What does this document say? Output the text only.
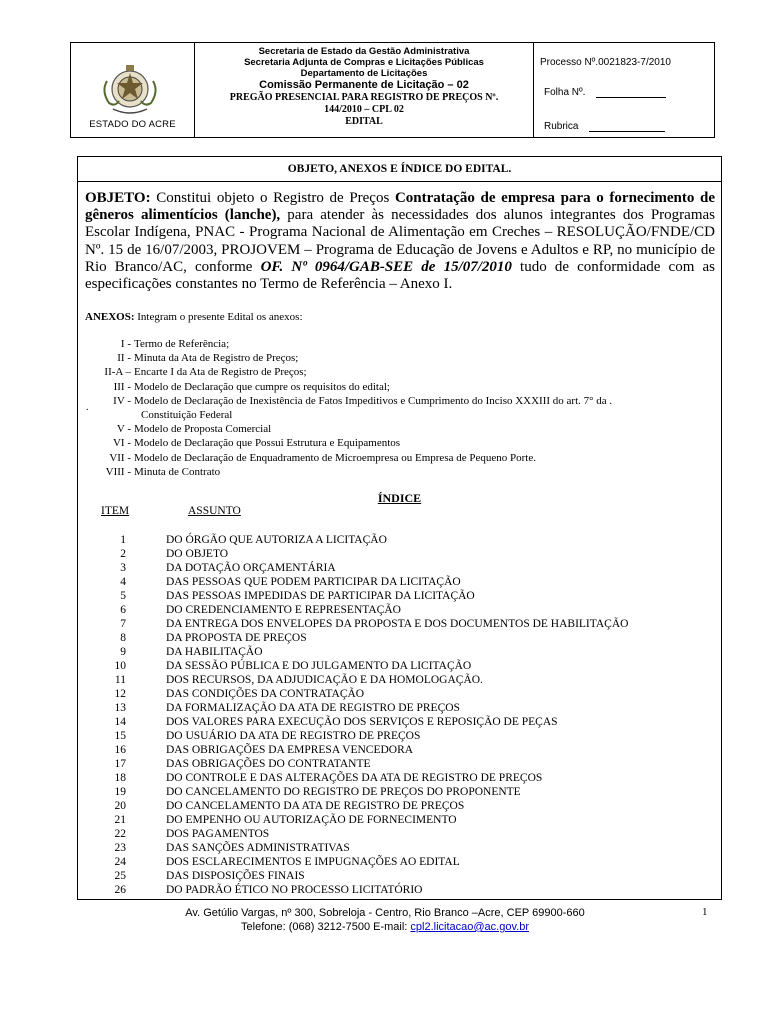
ESTADO DO ACRE
Secretaria de Estado da Gestão Administrativa
Secretaria Adjunta de Compras e Licitações Públicas
Departamento de Licitações
Comissão Permanente de Licitação – 02
PREGÃO PRESENCIAL PARA REGISTRO DE PREÇOS Nº.
144/2010 – CPL 02
EDITAL
Processo Nº.0021823-7/2010
Folha Nº.
Rubrica
OBJETO, ANEXOS E ÍNDICE DO EDITAL.

OBJETO: Constitui objeto o Registro de Preços Contratação de empresa para o fornecimento de gêneros alimentícios (lanche), para atender às necessidades dos alunos integrantes dos Programas Escolar Indígena, PNAC - Programa Nacional de Alimentação em Creches – RESOLUÇÃO/FNDE/CD Nº. 15 de 16/07/2003, PROJOVEM – Programa de Educação de Jovens e Adultos e RP, no município de Rio Branco/AC, conforme OF. Nº 0964/GAB-SEE de 15/07/2010 tudo de conformidade com as especificações constantes no Termo de Referência – Anexo I.

ANEXOS: Integram o presente Edital os anexos:
I - Termo de Referência;
II - Minuta da Ata de Registro de Preços;
II-A – Encarte I da Ata de Registro de Preços;
III - Modelo de Declaração que cumpre os requisitos do edital;
IV - Modelo de Declaração de Inexistência de Fatos Impeditivos e Cumprimento do Inciso XXXIII do art. 7° da .
Constituição Federal
V - Modelo de Proposta Comercial
VI - Modelo de Declaração que Possui Estrutura e Equipamentos
VII - Modelo de Declaração de Enquadramento de Microempresa ou Empresa de Pequeno Porte.
VIII - Minuta de Contrato
ÍNDICE
ITEM	ASSUNTO
1	DO ÓRGÃO QUE AUTORIZA A LICITAÇÃO
2	DO OBJETO
3	DA DOTAÇÃO ORÇAMENTÁRIA
4	DAS PESSOAS QUE PODEM PARTICIPAR DA LICITAÇÃO
5	DAS PESSOAS IMPEDIDAS DE PARTICIPAR DA LICITAÇÃO
6	DO CREDENCIAMENTO E REPRESENTAÇÃO
7	DA ENTREGA DOS ENVELOPES DA PROPOSTA E DOS DOCUMENTOS DE HABILITAÇÃO
8	DA PROPOSTA DE PREÇOS
9	DA HABILITAÇÃO
10	DA SESSÃO PÚBLICA E DO JULGAMENTO DA LICITAÇÃO
11	DOS RECURSOS, DA ADJUDICAÇÃO E DA HOMOLOGAÇÃO.
12	DAS CONDIÇÕES DA CONTRATAÇÃO
13	DA FORMALIZAÇÃO DA ATA DE REGISTRO DE PREÇOS
14	DOS VALORES PARA EXECUÇÃO DOS SERVIÇOS E REPOSIÇÃO DE PEÇAS
15	DO USUÁRIO DA ATA DE REGISTRO DE PREÇOS
16	DAS OBRIGAÇÕES DA EMPRESA VENCEDORA
17	DAS OBRIGAÇÕES DO CONTRATANTE
18	DO CONTROLE E DAS ALTERAÇÕES DA ATA DE REGISTRO DE PREÇOS
19	DO CANCELAMENTO DO REGISTRO DE PREÇOS DO PROPONENTE
20	DO CANCELAMENTO DA ATA DE REGISTRO DE PREÇOS
21	DO EMPENHO OU AUTORIZAÇÃO DE FORNECIMENTO
22	DOS PAGAMENTOS
23	DAS SANÇÕES ADMINISTRATIVAS
24	DOS ESCLARECIMENTOS E IMPUGNAÇÕES AO EDITAL
25	DAS DISPOSIÇÕES FINAIS
26	DO PADRÃO ÉTICO NO PROCESSO LICITATÓRIO
.
Av. Getúlio Vargas, nº 300, Sobreloja - Centro, Rio Branco –Acre, CEP 69900-660
Telefone: (068) 3212-7500 E-mail: cpl2.licitacao@ac.gov.br
1
